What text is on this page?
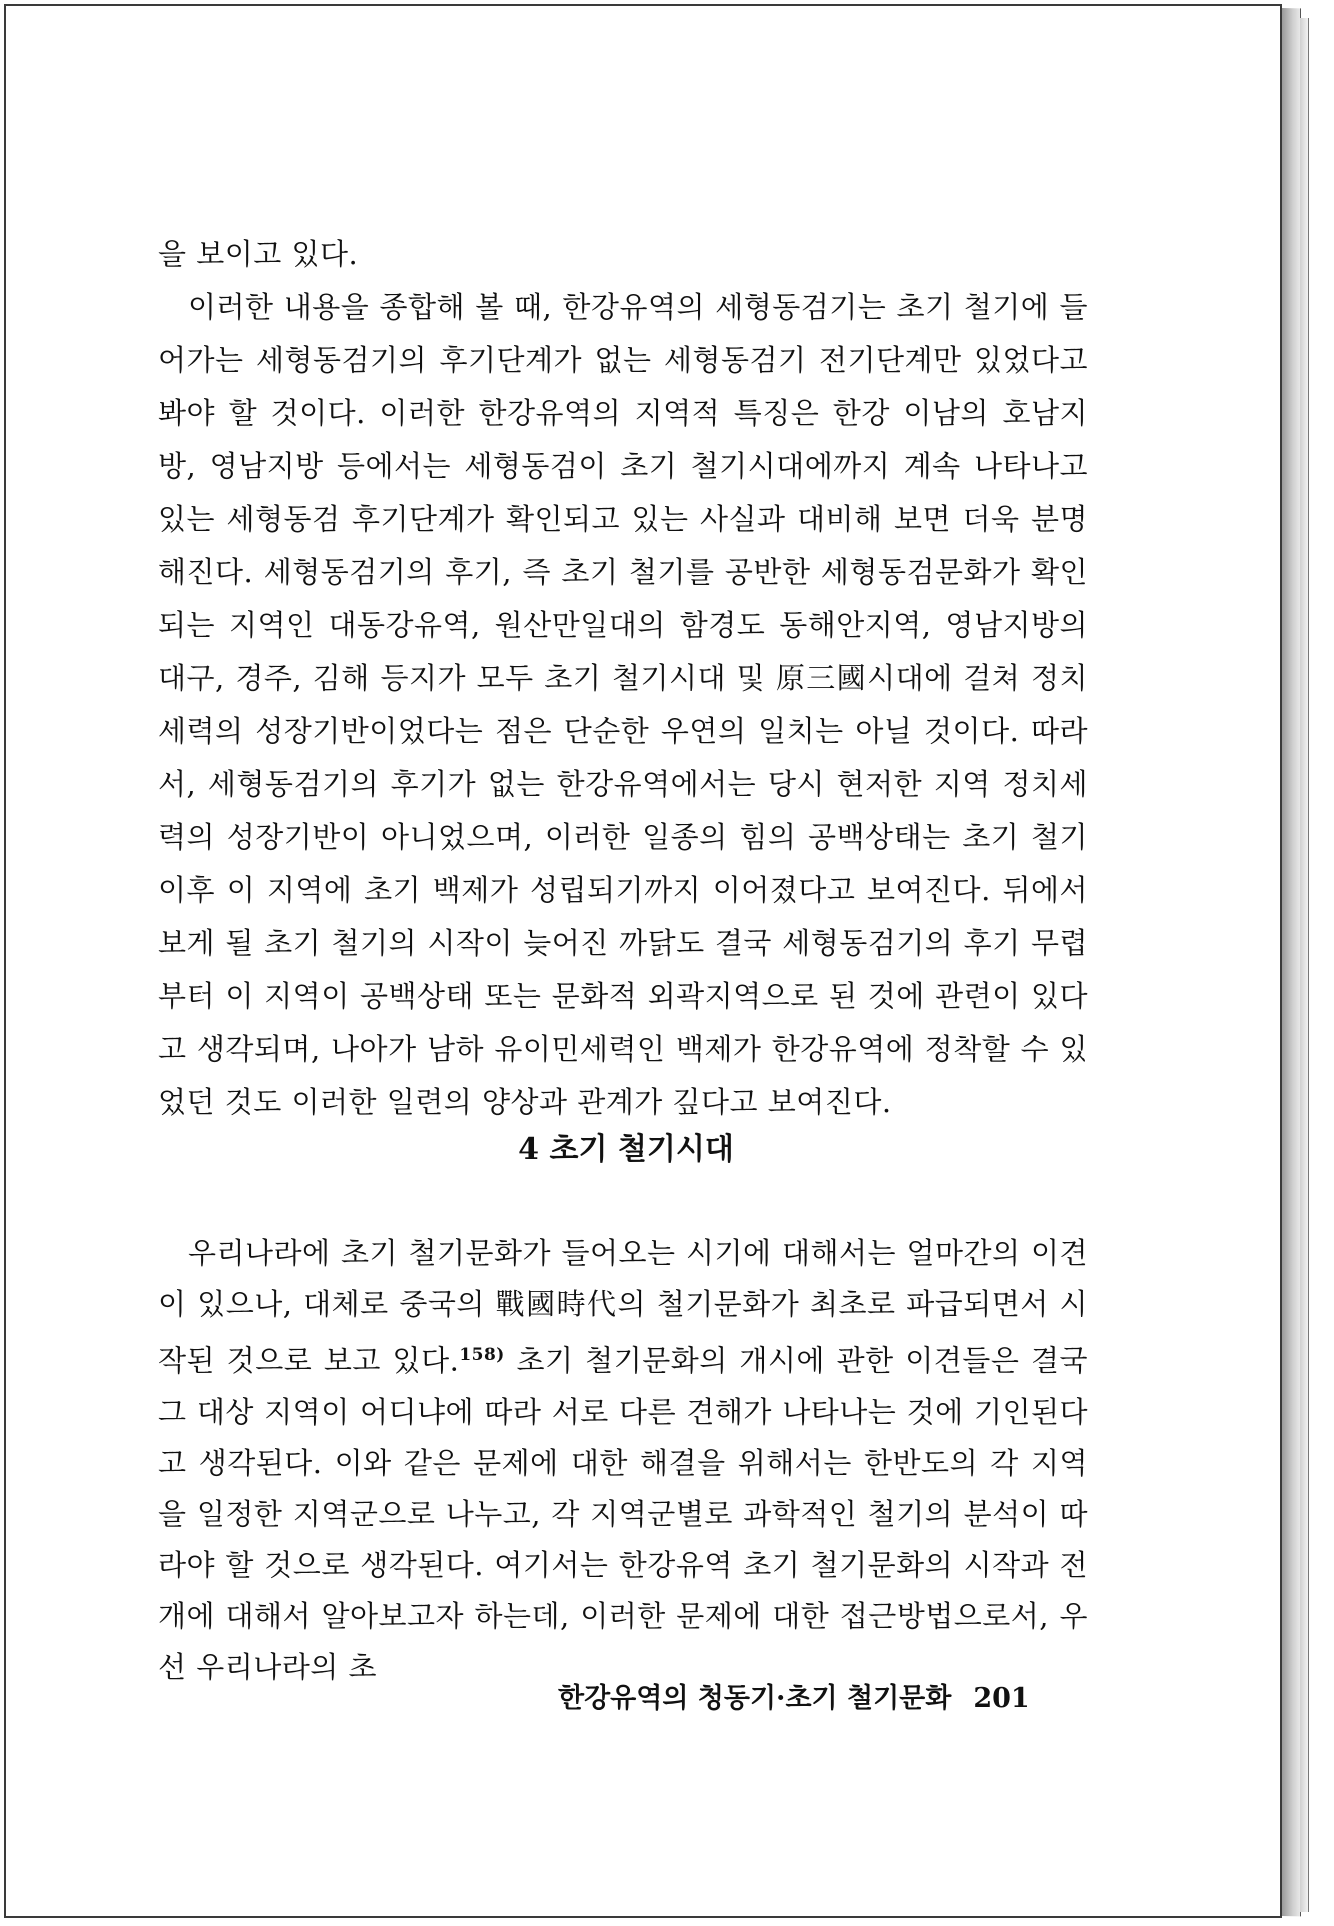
을 보이고 있다.

이러한 내용을 종합해 볼 때, 한강유역의 세형동검기는 초기 철기에 들어가는 세형동검기의 후기단계가 없는 세형동검기 전기단계만 있었다고 봐야 할 것이다. 이러한 한강유역의 지역적 특징은 한강 이남의 호남지방, 영남지방 등에서는 세형동검이 초기 철기시대에까지 계속 나타나고 있는 세형동검 후기단계가 확인되고 있는 사실과 대비해 보면 더욱 분명해진다. 세형동검기의 후기, 즉 초기 철기를 공반한 세형동검문화가 확인되는 지역인 대동강유역, 원산만일대의 함경도 동해안지역, 영남지방의 대구, 경주, 김해 등지가 모두 초기 철기시대 및 原三國시대에 걸쳐 정치세력의 성장기반이었다는 점은 단순한 우연의 일치는 아닐 것이다. 따라서, 세형동검기의 후기가 없는 한강유역에서는 당시 현저한 지역 정치세력의 성장기반이 아니었으며, 이러한 일종의 힘의 공백상태는 초기 철기 이후 이 지역에 초기 백제가 성립되기까지 이어졌다고 보여진다. 뒤에서 보게 될 초기 철기의 시작이 늦어진 까닭도 결국 세형동검기의 후기 무렵부터 이 지역이 공백상태 또는 문화적 외곽지역으로 된 것에 관련이 있다고 생각되며, 나아가 남하 유이민세력인 백제가 한강유역에 정착할 수 있었던 것도 이러한 일련의 양상과 관계가 깊다고 보여진다.

4 초기 철기시대

우리나라에 초기 철기문화가 들어오는 시기에 대해서는 얼마간의 이견이 있으나, 대체로 중국의 戰國時代의 철기문화가 최초로 파급되면서 시작된 것으로 보고 있다.$^{158)}$ 초기 철기문화의 개시에 관한 이견들은 결국 그 대상 지역이 어디냐에 따라 서로 다른 견해가 나타나는 것에 기인된다고 생각된다. 이와 같은 문제에 대한 해결을 위해서는 한반도의 각 지역을 일정한 지역군으로 나누고, 각 지역군별로 과학적인 철기의 분석이 따라야 할 것으로 생각된다. 여기서는 한강유역 초기 철기문화의 시작과 전개에 대해서 알아보고자 하는데, 이러한 문제에 대한 접근방법으로서, 우선 우리나라의 초

한강유역의 청동기·초기 철기문화 201
